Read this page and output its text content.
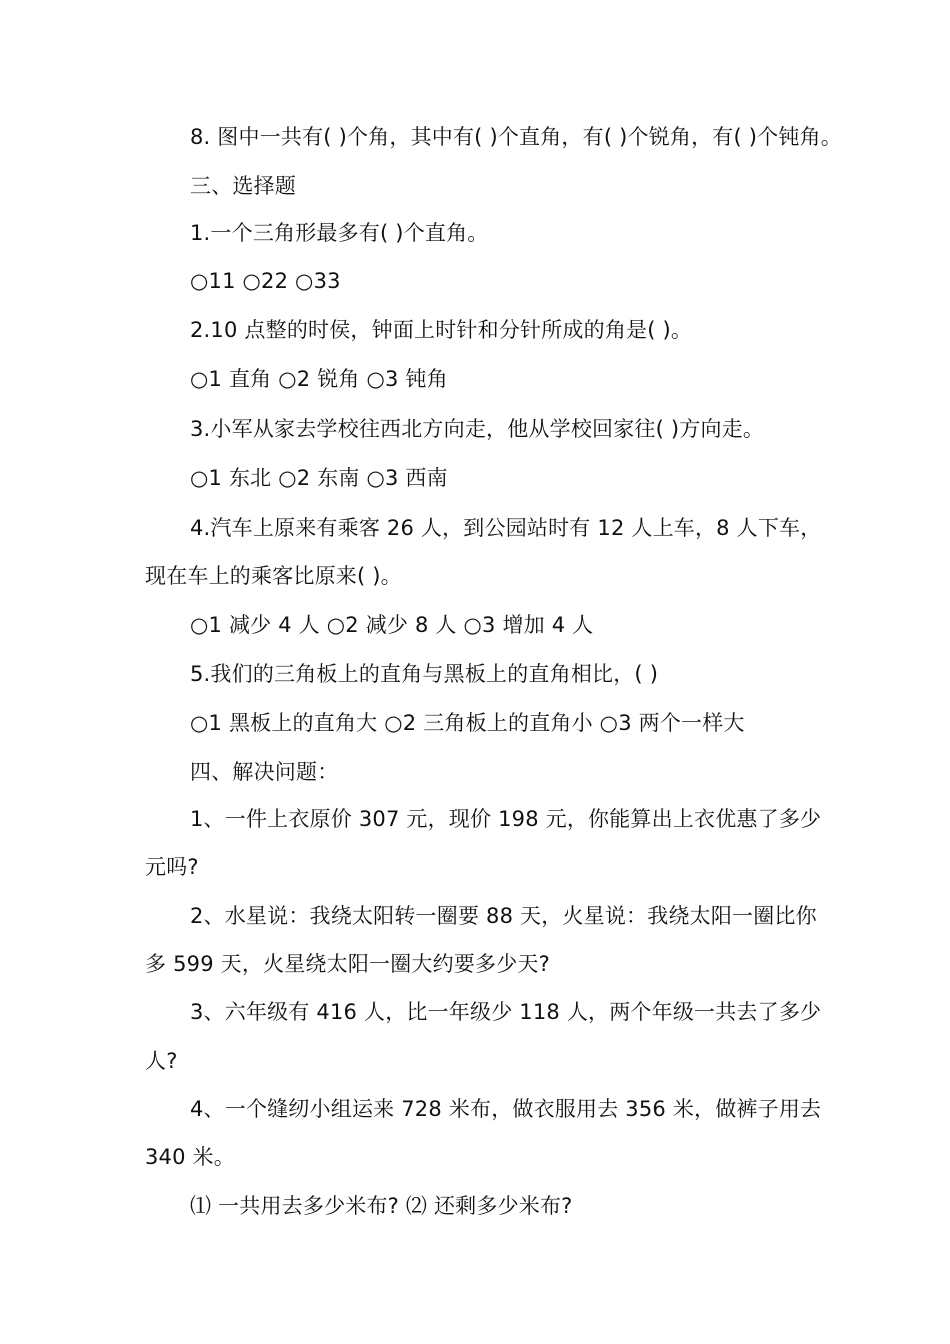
8. 图中一共有( )个角，其中有( )个直角，有( )个锐角，有( )个钝角。
三、选择题
1.一个三角形最多有( )个直角。
○11 ○22 ○33
2.10 点整的时侯，钟面上时针和分针所成的角是( )。
○1 直角 ○2 锐角 ○3 钝角
3.小军从家去学校往西北方向走，他从学校回家往( )方向走。
○1 东北 ○2 东南 ○3 西南
4.汽车上原来有乘客 26 人，到公园站时有 12 人上车，8 人下车，
现在车上的乘客比原来( )。
○1 减少 4 人 ○2 减少 8 人 ○3 增加 4 人
5.我们的三角板上的直角与黑板上的直角相比，( )
○1 黑板上的直角大 ○2 三角板上的直角小 ○3 两个一样大
四、解决问题：
1、一件上衣原价 307 元，现价 198 元，你能算出上衣优惠了多少
元吗?
2、水星说：我绕太阳转一圈要 88 天，火星说：我绕太阳一圈比你
多 599 天，火星绕太阳一圈大约要多少天?
3、六年级有 416 人，比一年级少 118 人，两个年级一共去了多少
人?
4、一个缝纫小组运来 728 米布，做衣服用去 356 米，做裤子用去
340 米。
⑴ 一共用去多少米布? ⑵ 还剩多少米布?
